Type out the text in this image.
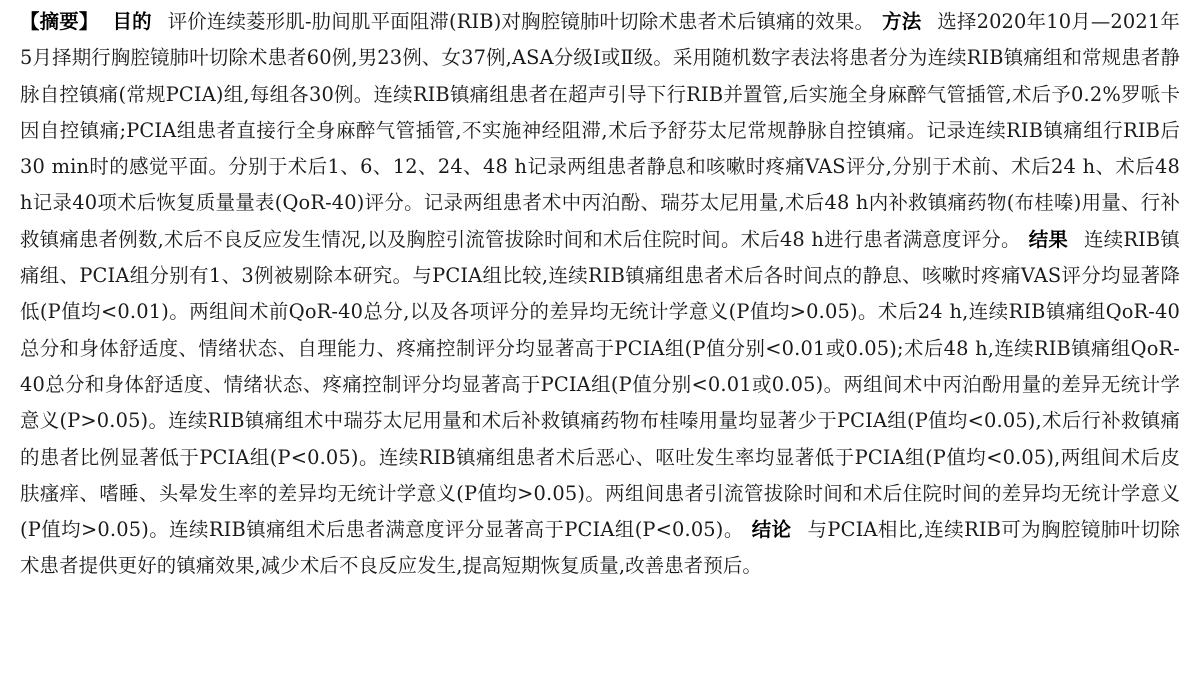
【摘要】 目的 评价连续菱形肌-肋间肌平面阻滞(RIB)对胸腔镜肺叶切除术患者术后镇痛的效果。 方法 选择2020年10月—2021年5月择期行胸腔镜肺叶切除术患者60例,男23例、女37例,ASA分级Ⅰ或Ⅱ级。采用随机数字表法将患者分为连续RIB镇痛组和常规患者静脉自控镇痛(常规PCIA)组,每组各30例。连续RIB镇痛组患者在超声引导下行RIB并置管,后实施全身麻醉气管插管,术后予0.2%罗哌卡因自控镇痛;PCIA组患者直接行全身麻醉气管插管,不实施神经阻滞,术后予舒芬太尼常规静脉自控镇痛。记录连续RIB镇痛组行RIB后30 min时的感觉平面。分别于术后1、6、12、24、48 h记录两组患者静息和咳嗽时疼痛VAS评分,分别于术前、术后24 h、术后48 h记录40项术后恢复质量量表(QoR-40)评分。记录两组患者术中丙泊酚、瑞芬太尼用量,术后48 h内补救镇痛药物(布桂嗪)用量、行补救镇痛患者例数,术后不良反应发生情况,以及胸腔引流管拔除时间和术后住院时间。术后48 h进行患者满意度评分。 结果 连续RIB镇痛组、PCIA组分别有1、3例被剔除本研究。与PCIA组比较,连续RIB镇痛组患者术后各时间点的静息、咳嗽时疼痛VAS评分均显著降低(P值均<0.01)。两组间术前QoR-40总分,以及各项评分的差异均无统计学意义(P值均>0.05)。术后24 h,连续RIB镇痛组QoR-40总分和身体舒适度、情绪状态、自理能力、疼痛控制评分均显著高于PCIA组(P值分别<0.01或0.05);术后48 h,连续RIB镇痛组QoR-40总分和身体舒适度、情绪状态、疼痛控制评分均显著高于PCIA组(P值分别<0.01或0.05)。两组间术中丙泊酚用量的差异无统计学意义(P>0.05)。连续RIB镇痛组术中瑞芬太尼用量和术后补救镇痛药物布桂嗪用量均显著少于PCIA组(P值均<0.05),术后行补救镇痛的患者比例显著低于PCIA组(P<0.05)。连续RIB镇痛组患者术后恶心、呕吐发生率均显著低于PCIA组(P值均<0.05),两组间术后皮肤瘙痒、嗜睡、头晕发生率的差异均无统计学意义(P值均>0.05)。两组间患者引流管拔除时间和术后住院时间的差异均无统计学意义(P值均>0.05)。连续RIB镇痛组术后患者满意度评分显著高于PCIA组(P<0.05)。 结论 与PCIA相比,连续RIB可为胸腔镜肺叶切除术患者提供更好的镇痛效果,减少术后不良反应发生,提高短期恢复质量,改善患者预后。
